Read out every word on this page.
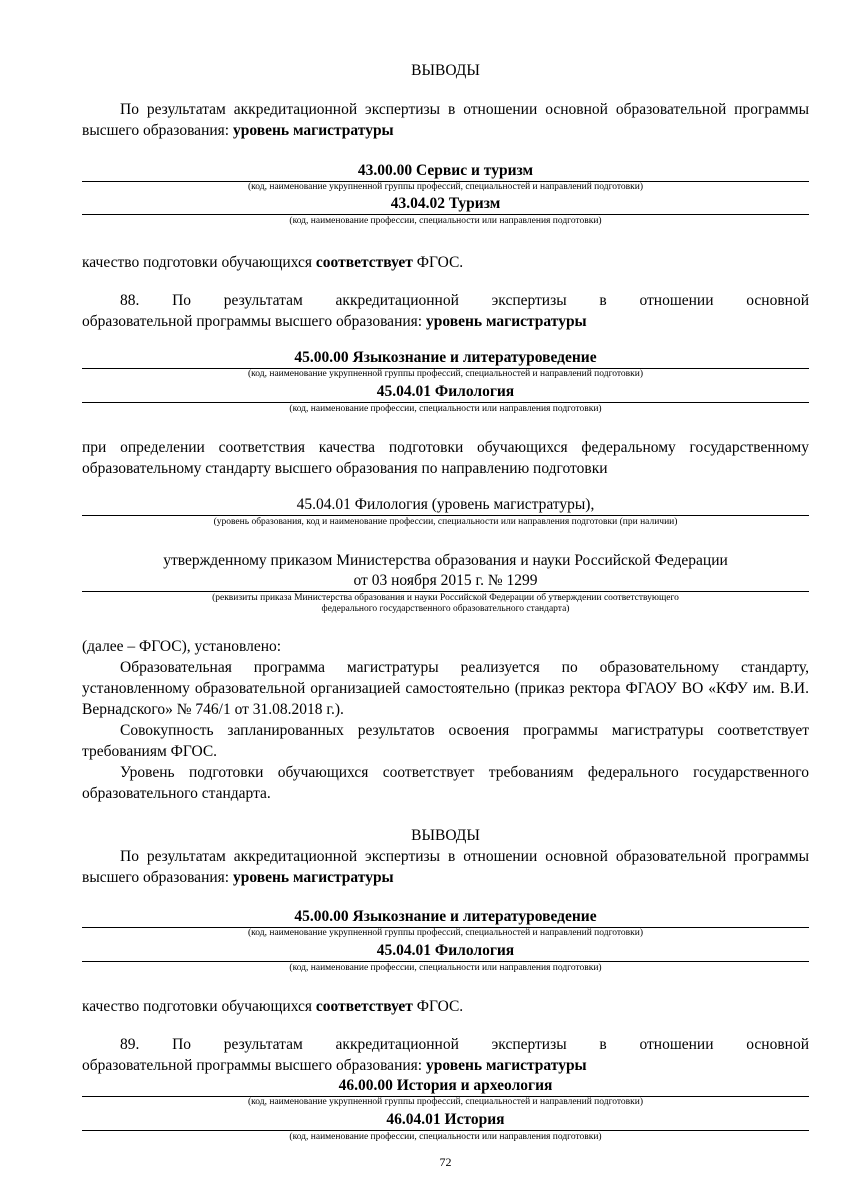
ВЫВОДЫ
По результатам аккредитационной экспертизы в отношении основной образовательной программы высшего образования: уровень магистратуры
43.00.00 Сервис и туризм
(код, наименование укрупненной группы профессий, специальностей и направлений подготовки)
43.04.02 Туризм
(код, наименование профессии, специальности или направления подготовки)
качество подготовки обучающихся соответствует ФГОС.
88. По результатам аккредитационной экспертизы в отношении основной
образовательной программы высшего образования: уровень магистратуры
45.00.00 Языкознание и литературоведение
(код, наименование укрупненной группы профессий, специальностей и направлений подготовки)
45.04.01 Филология
(код, наименование профессии, специальности или направления подготовки)
при определении соответствия качества подготовки обучающихся федеральному государственному образовательному стандарту высшего образования по направлению подготовки
45.04.01 Филология (уровень магистратуры),
(уровень образования, код и наименование профессии, специальности или направления подготовки (при наличии)
утвержденному приказом Министерства образования и науки Российской Федерации
от 03 ноября 2015 г. № 1299
(реквизиты приказа Министерства образования и науки Российской Федерации об утверждении соответствующего
федерального государственного образовательного стандарта)
(далее – ФГОС), установлено:
Образовательная программа магистратуры реализуется по образовательному стандарту, установленному образовательной организацией самостоятельно (приказ ректора ФГАОУ ВО «КФУ им. В.И. Вернадского» № 746/1 от 31.08.2018 г.).
Совокупность запланированных результатов освоения программы магистратуры соответствует требованиям ФГОС.
Уровень подготовки обучающихся соответствует требованиям федерального государственного образовательного стандарта.
ВЫВОДЫ
По результатам аккредитационной экспертизы в отношении основной образовательной программы высшего образования: уровень магистратуры
45.00.00 Языкознание и литературоведение
(код, наименование укрупненной группы профессий, специальностей и направлений подготовки)
45.04.01 Филология
(код, наименование профессии, специальности или направления подготовки)
качество подготовки обучающихся соответствует ФГОС.
89. По результатам аккредитационной экспертизы в отношении основной
образовательной программы высшего образования: уровень магистратуры
46.00.00 История и археология
(код, наименование укрупненной группы профессий, специальностей и направлений подготовки)
46.04.01 История
(код, наименование профессии, специальности или направления подготовки)
72
